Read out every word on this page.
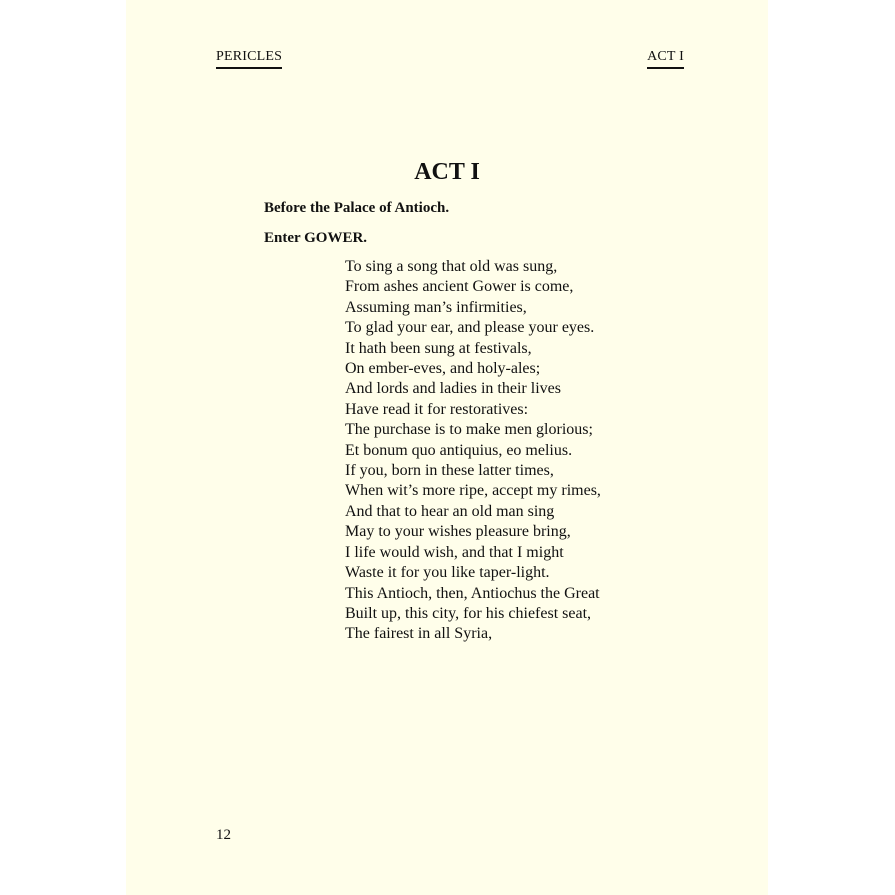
PERICLES	ACT I
ACT I
Before the Palace of Antioch.
Enter GOWER.
To sing a song that old was sung,
From ashes ancient Gower is come,
Assuming man’s infirmities,
To glad your ear, and please your eyes.
It hath been sung at festivals,
On ember-eves, and holy-ales;
And lords and ladies in their lives
Have read it for restoratives:
The purchase is to make men glorious;
Et bonum quo antiquius, eo melius.
If you, born in these latter times,
When wit’s more ripe, accept my rimes,
And that to hear an old man sing
May to your wishes pleasure bring,
I life would wish, and that I might
Waste it for you like taper-light.
This Antioch, then, Antiochus the Great
Built up, this city, for his chiefest seat,
The fairest in all Syria,
12
